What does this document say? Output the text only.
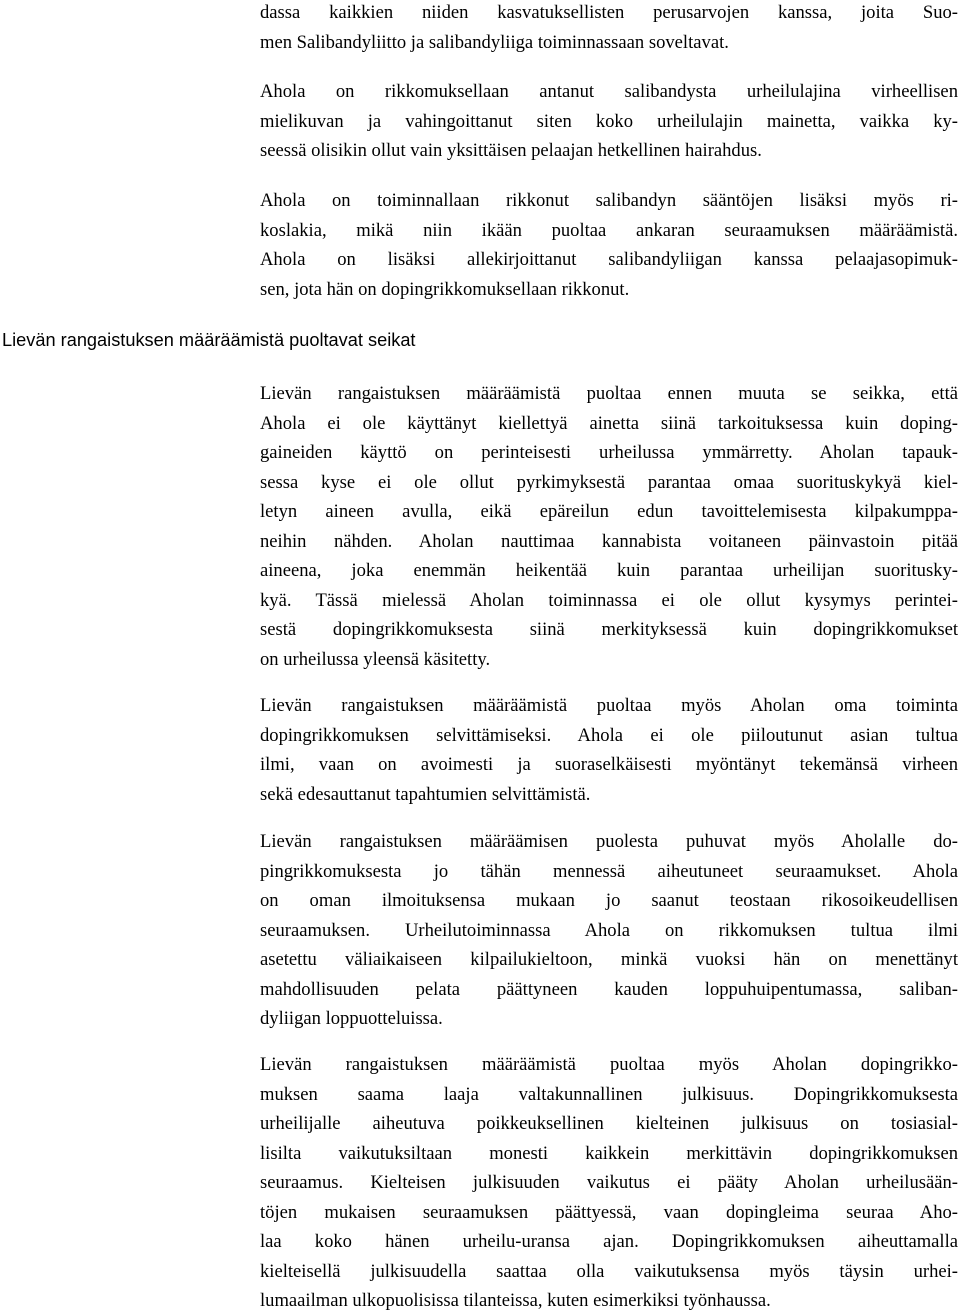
dassa kaikkien niiden kasvatuksellisten perusarvojen kanssa, joita Suo-
men Salibandyliitto ja salibandyliiga toiminnassaan soveltavat.
Ahola on rikkomuksellaan antanut salibandysta urheilulajina virheellisen
mielikuvan ja vahingoittanut siten koko urheilulajin mainetta, vaikka ky-
seessä olisikin ollut vain yksittäisen pelaajan hetkellinen hairahdus.
Ahola on toiminnallaan rikkonut salibandyn sääntöjen lisäksi myös ri-
koslakia, mikä niin ikään puoltaa ankaran seuraamuksen määräämistä.
Ahola on lisäksi allekirjoittanut salibandyliigan kanssa pelaajasopimuk-
sen, jota hän on dopingrikkomuksellaan rikkonut.
Lievän rangaistuksen määräämistä puoltavat seikat
Lievän rangaistuksen määräämistä puoltaa ennen muuta se seikka, että
Ahola ei ole käyttänyt kiellettyä ainetta siinä tarkoituksessa kuin doping-
gaineiden käyttö on perinteisesti urheilussa ymmärretty. Aholan tapauk-
sessa kyse ei ole ollut pyrkimyksestä parantaa omaa suorituskykyä kiel-
letyn aineen avulla, eikä epäreilun edun tavoittelemisesta kilpakumppa-
neihin nähden. Aholan nauttimaa kannabista voitaneen päinvastoin pitää
aineena, joka enemmän heikentää kuin parantaa urheilijan suoritusky-
kyä. Tässä mielessä Aholan toiminnassa ei ole ollut kysymys perintei-
sestä dopingrikkomuksesta siinä merkityksessä kuin dopingrikkomukset
on urheilussa yleensä käsitetty.
Lievän rangaistuksen määräämistä puoltaa myös Aholan oma toiminta
dopingrikkomuksen selvittämiseksi. Ahola ei ole piiloutunut asian tultua
ilmi, vaan on avoimesti ja suoraselkäisesti myöntänyt tekemänsä virheen
sekä edesauttanut tapahtumien selvittämistä.
Lievän rangaistuksen määräämisen puolesta puhuvat myös Aholalle do-
pingrikkomuksesta jo tähän mennessä aiheutuneet seuraamukset. Ahola
on oman ilmoituksensa mukaan jo saanut teostaan rikosoikeudellisen
seuraamuksen. Urheilutoiminnassa Ahola on rikkomuksen tultua ilmi
asetettu väliaikaiseen kilpailukieltoon, minkä vuoksi hän on menettänyt
mahdollisuuden pelata päättyneen kauden loppuhuipentumassa, saliban-
dyliigan loppuotteluissa.
Lievän rangaistuksen määräämistä puoltaa myös Aholan dopingrikko-
muksen saama laaja valtakunnallinen julkisuus. Dopingrikkomuksesta
urheilijalle aiheutuva poikkeuksellinen kielteinen julkisuus on tosiasial-
lisilta vaikutuksiltaan monesti kaikkein merkittävin dopingrikkomuksen
seuraamus. Kielteisen julkisuuden vaikutus ei pääty Aholan urheilusään-
töjen mukaisen seuraamuksen päättyessä, vaan dopingleima seuraa Aho-
laa koko hänen urheilu-uransa ajan. Dopingrikkomuksen aiheuttamalla
kielteisellä julkisuudella saattaa olla vaikutuksensa myös täysin urhei-
lumaailman ulkopuolisissa tilanteissa, kuten esimerkiksi työnhaussa.
